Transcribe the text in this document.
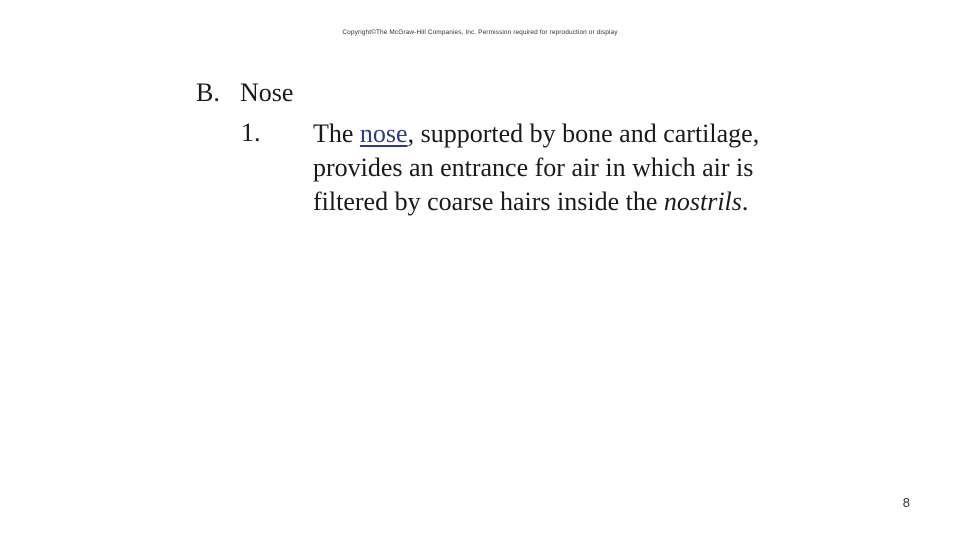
Copyright©The McGraw-Hill Companies, Inc. Permission required for reproduction or display
B. Nose
1. The nose, supported by bone and cartilage, provides an entrance for air in which air is filtered by coarse hairs inside the nostrils.
8
